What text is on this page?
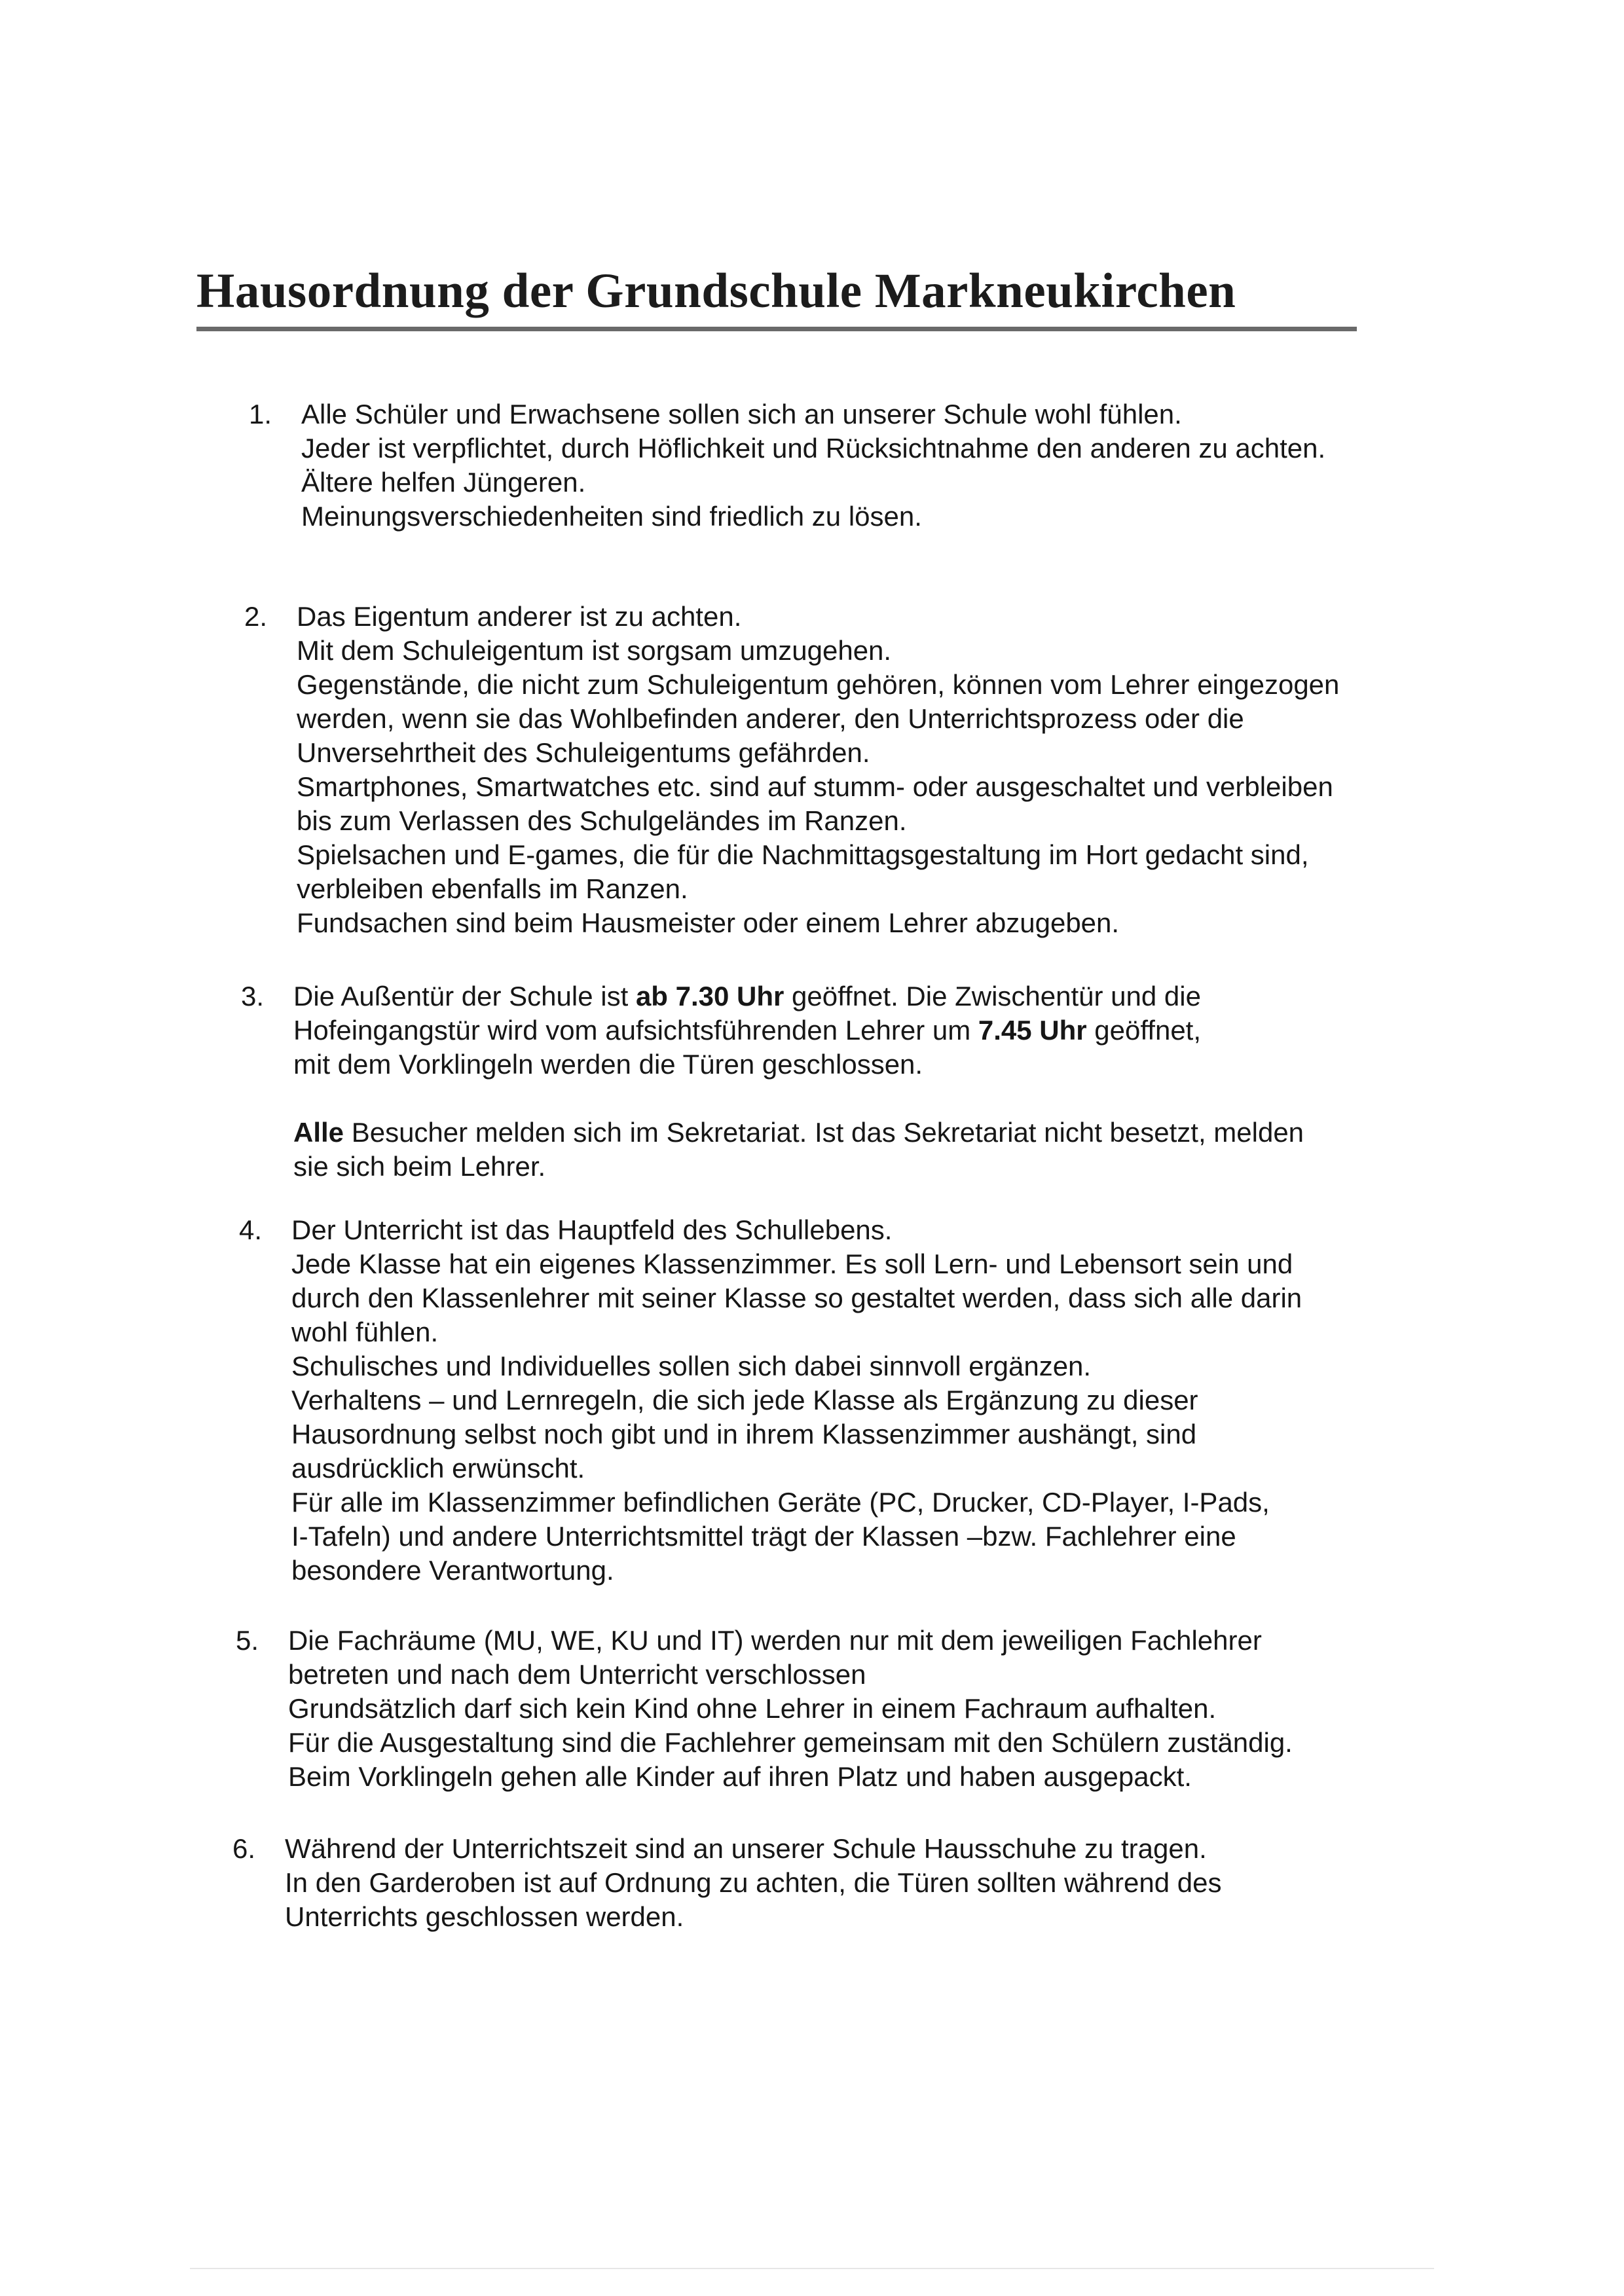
Hausordnung der Grundschule Markneukirchen
1. Alle Schüler und Erwachsene sollen sich an unserer Schule wohl fühlen.
Jeder ist verpflichtet, durch Höflichkeit und Rücksichtnahme den anderen zu achten.
Ältere helfen Jüngeren.
Meinungsverschiedenheiten sind friedlich zu lösen.
2. Das Eigentum anderer ist zu achten.
Mit dem Schuleigentum ist sorgsam umzugehen.
Gegenstände, die nicht zum Schuleigentum gehören, können vom Lehrer eingezogen
werden, wenn sie das Wohlbefinden anderer, den Unterrichtsprozess oder die
Unversehrtheit des Schuleigentums gefährden.
Smartphones, Smartwatches etc. sind auf stumm- oder ausgeschaltet und verbleiben
bis zum Verlassen des Schulgeländes im Ranzen.
Spielsachen und E-games, die für die Nachmittagsgestaltung im Hort gedacht sind,
verbleiben ebenfalls im Ranzen.
Fundsachen sind beim Hausmeister oder einem Lehrer abzugeben.
3. Die Außentür der Schule ist ab 7.30 Uhr geöffnet. Die Zwischentür und die
Hofeingangstür wird vom aufsichtsführenden Lehrer um 7.45 Uhr geöffnet,
mit dem Vorklingeln werden die Türen geschlossen.
Alle Besucher melden sich im Sekretariat. Ist das Sekretariat nicht besetzt, melden
sie sich beim Lehrer.
4. Der Unterricht ist das Hauptfeld des Schullebens.
Jede Klasse hat ein eigenes Klassenzimmer. Es soll Lern- und Lebensort sein und
durch den Klassenlehrer mit seiner Klasse so gestaltet werden, dass sich alle darin
wohl fühlen.
Schulisches und Individuelles sollen sich dabei sinnvoll ergänzen.
Verhaltens – und Lernregeln, die sich jede Klasse als Ergänzung zu dieser
Hausordnung selbst noch gibt und in ihrem Klassenzimmer aushängt, sind
ausdrücklich erwünscht.
Für alle im Klassenzimmer befindlichen Geräte (PC, Drucker, CD-Player, I-Pads,
I-Tafeln) und andere Unterrichtsmittel trägt der Klassen –bzw. Fachlehrer eine
besondere Verantwortung.
5. Die Fachräume (MU, WE, KU und IT) werden nur mit dem jeweiligen Fachlehrer
betreten und nach dem Unterricht verschlossen
Grundsätzlich darf sich kein Kind ohne Lehrer in einem Fachraum aufhalten.
Für die Ausgestaltung sind die Fachlehrer gemeinsam mit den Schülern zuständig.
Beim Vorklingeln gehen alle Kinder auf ihren Platz und haben ausgepackt.
6. Während der Unterrichtszeit sind an unserer Schule Hausschuhe zu tragen.
In den Garderoben ist auf Ordnung zu achten, die Türen sollten während des
Unterrichts geschlossen werden.
